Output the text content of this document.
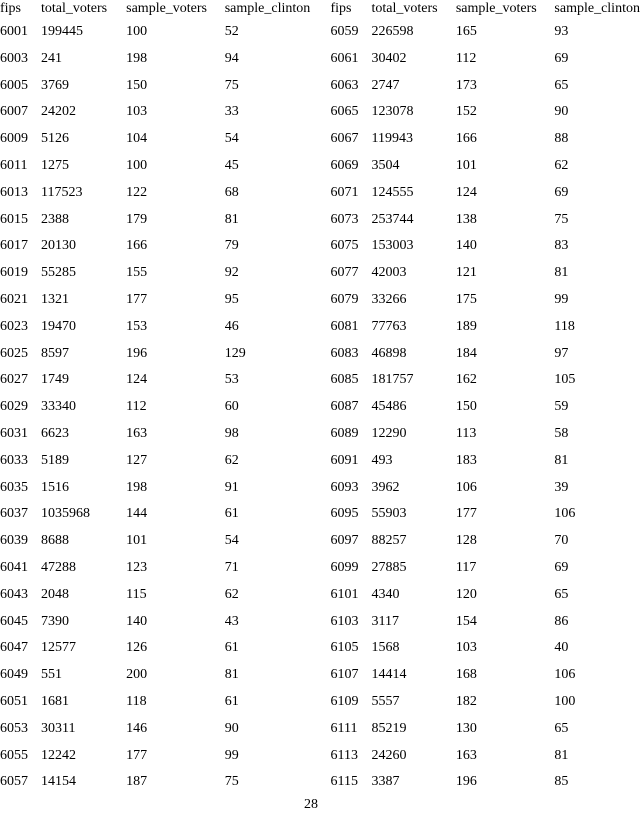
fips	total_voters	sample_voters	sample_clinton	fips	total_voters	sample_voters	sample_clinton
6001	199445	100	52	6059	226598	165	93
6003	241	198	94	6061	30402	112	69
6005	3769	150	75	6063	2747	173	65
6007	24202	103	33	6065	123078	152	90
6009	5126	104	54	6067	119943	166	88
6011	1275	100	45	6069	3504	101	62
6013	117523	122	68	6071	124555	124	69
6015	2388	179	81	6073	253744	138	75
6017	20130	166	79	6075	153003	140	83
6019	55285	155	92	6077	42003	121	81
6021	1321	177	95	6079	33266	175	99
6023	19470	153	46	6081	77763	189	118
6025	8597	196	129	6083	46898	184	97
6027	1749	124	53	6085	181757	162	105
6029	33340	112	60	6087	45486	150	59
6031	6623	163	98	6089	12290	113	58
6033	5189	127	62	6091	493	183	81
6035	1516	198	91	6093	3962	106	39
6037	1035968	144	61	6095	55903	177	106
6039	8688	101	54	6097	88257	128	70
6041	47288	123	71	6099	27885	117	69
6043	2048	115	62	6101	4340	120	65
6045	7390	140	43	6103	3117	154	86
6047	12577	126	61	6105	1568	103	40
6049	551	200	81	6107	14414	168	106
6051	1681	118	61	6109	5557	182	100
6053	30311	146	90	6111	85219	130	65
6055	12242	177	99	6113	24260	163	81
6057	14154	187	75	6115	3387	196	85
28
